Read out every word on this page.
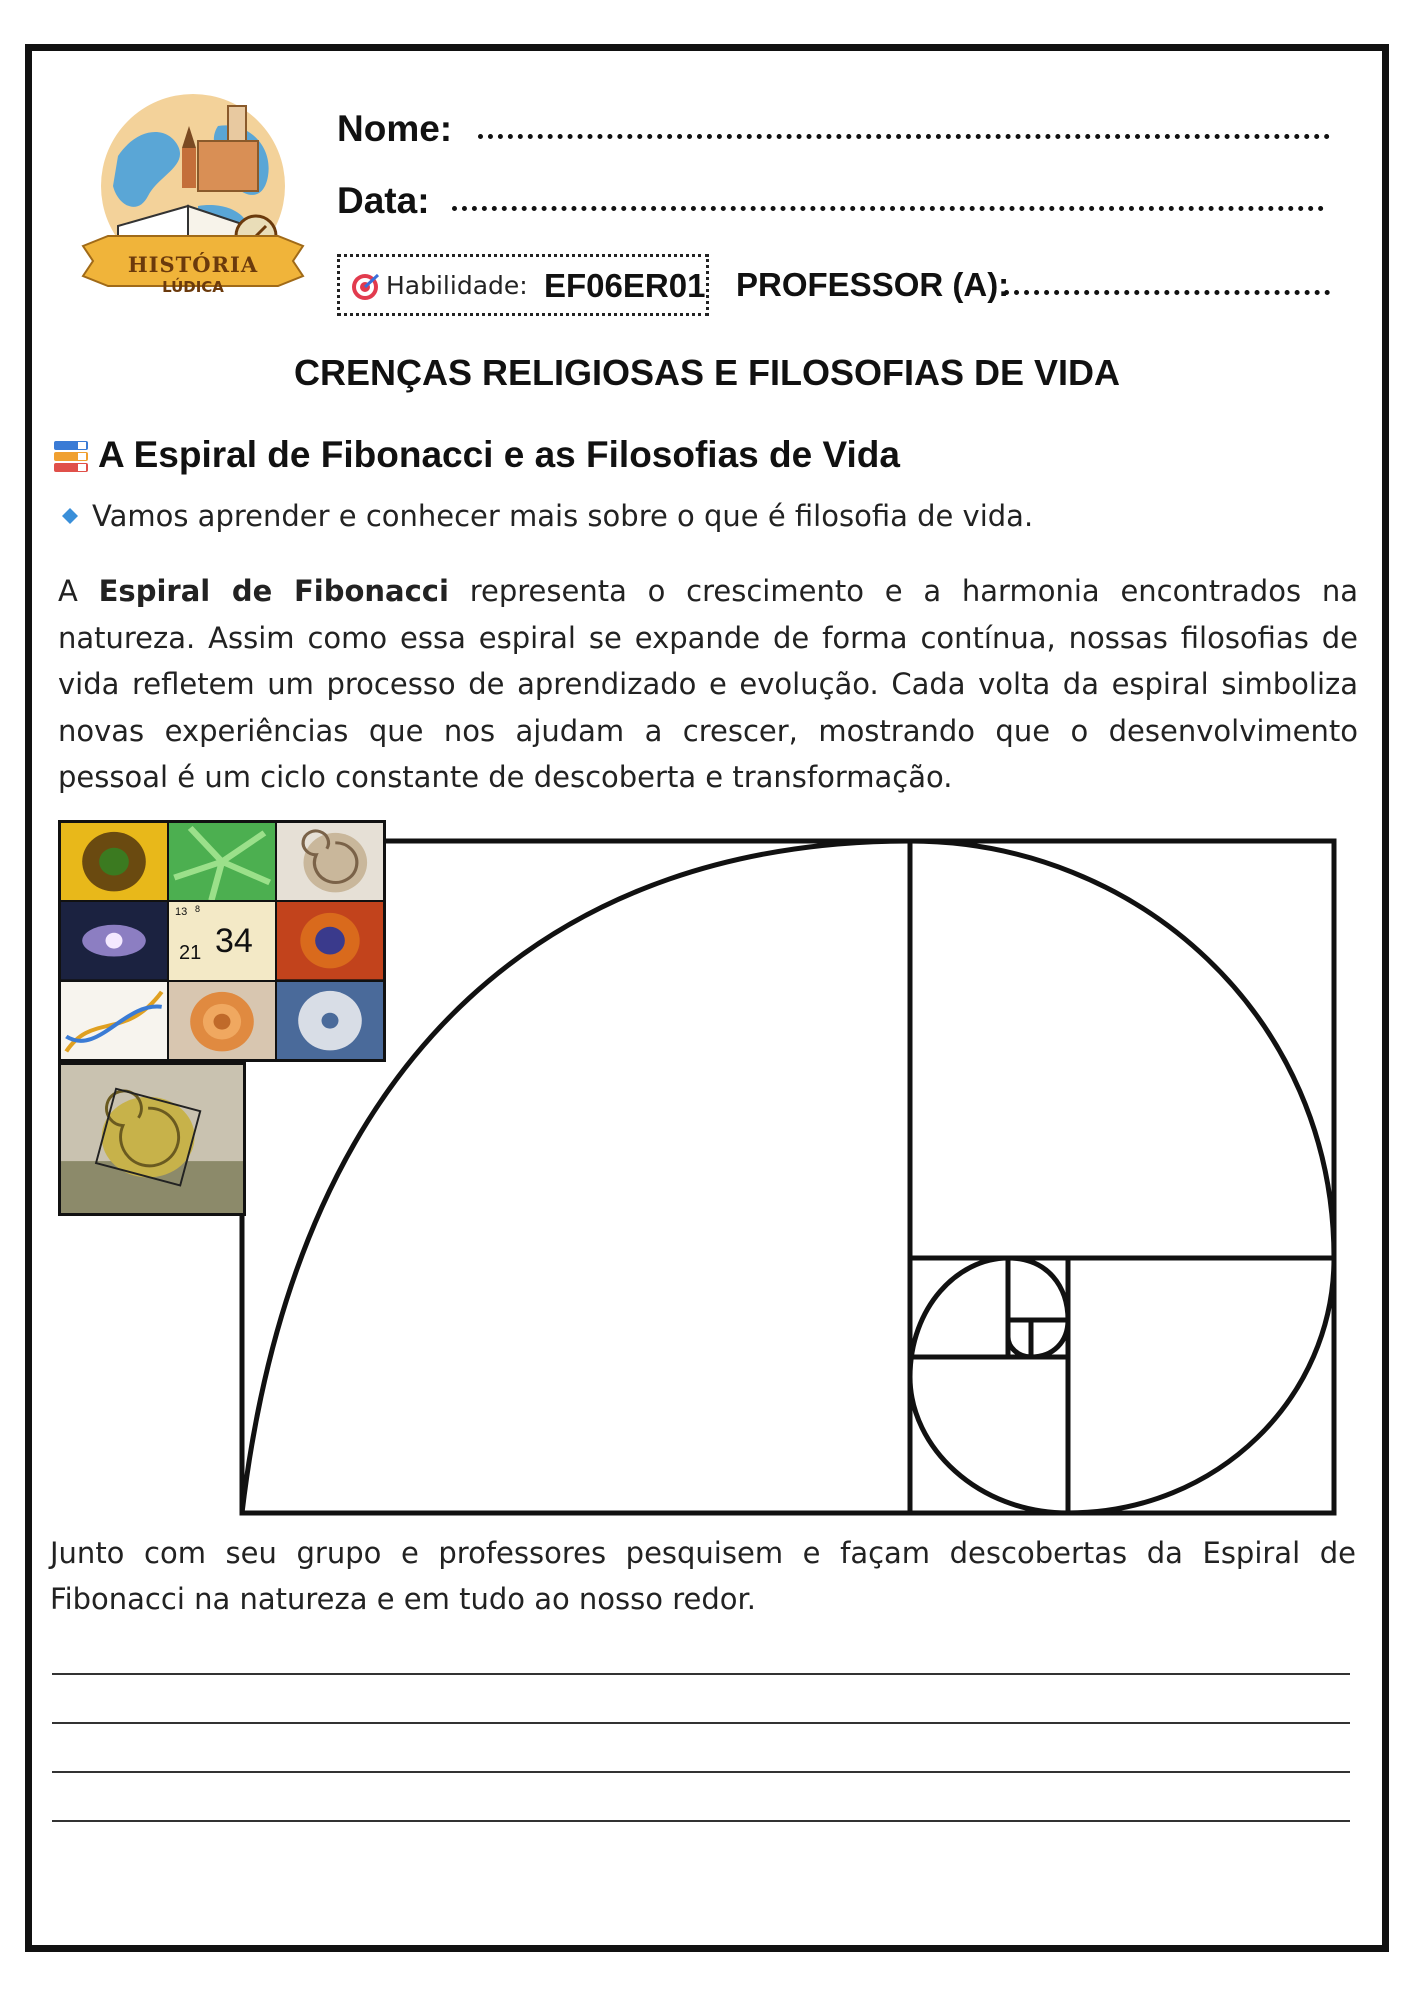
HISTÓRIA
LÚDICA
Nome:
Data:
Habilidade: EF06ER01 PROFESSOR (A):
CRENÇAS RELIGIOSAS E FILOSOFIAS DE VIDA
A Espiral de Fibonacci e as Filosofias de Vida
Vamos aprender e conhecer mais sobre o que é filosofia de vida.

A Espiral de Fibonacci representa o crescimento e a harmonia encontrados na natureza. Assim como essa espiral se expande de forma contínua, nossas filosofias de vida refletem um processo de aprendizado e evolução. Cada volta da espiral simboliza novas experiências que nos ajudam a crescer, mostrando que o desenvolvimento pessoal é um ciclo constante de descoberta e transformação.

13 8
21 34

Junto com seu grupo e professores pesquisem e façam descobertas da Espiral de Fibonacci na natureza e em tudo ao nosso redor.
